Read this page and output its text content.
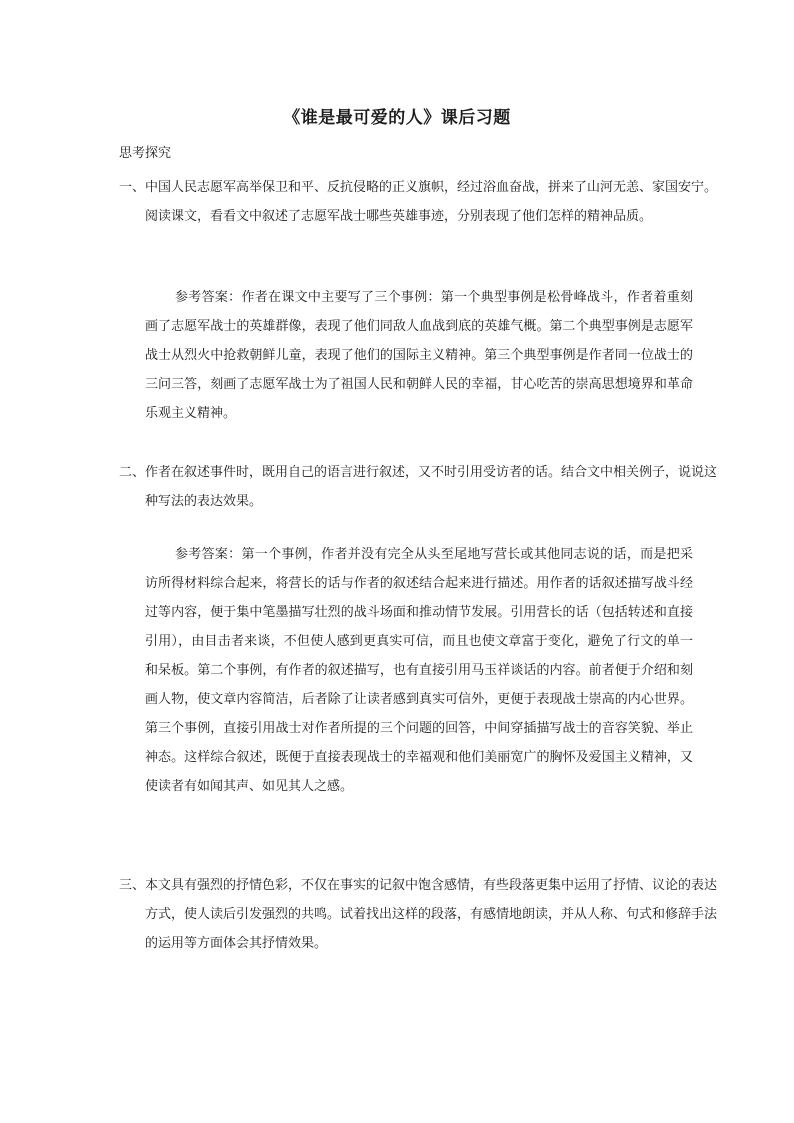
《谁是最可爱的人》课后习题
思考探究
一、中国人民志愿军高举保卫和平、反抗侵略的正义旗帜，经过浴血奋战，拼来了山河无恙、家国安宁。阅读课文，看看文中叙述了志愿军战士哪些英雄事迹，分别表现了他们怎样的精神品质。
参考答案：作者在课文中主要写了三个事例：第一个典型事例是松骨峰战斗，作者着重刻画了志愿军战士的英雄群像，表现了他们同敌人血战到底的英雄气概。第二个典型事例是志愿军战士从烈火中抢救朝鲜儿童，表现了他们的国际主义精神。第三个典型事例是作者同一位战士的三问三答，刻画了志愿军战士为了祖国人民和朝鲜人民的幸福，甘心吃苦的崇高思想境界和革命乐观主义精神。
二、作者在叙述事件时，既用自己的语言进行叙述，又不时引用受访者的话。结合文中相关例子，说说这种写法的表达效果。
参考答案：第一个事例，作者并没有完全从头至尾地写营长或其他同志说的话，而是把采访所得材料综合起来，将营长的话与作者的叙述结合起来进行描述。用作者的话叙述描写战斗经过等内容，便于集中笔墨描写壮烈的战斗场面和推动情节发展。引用营长的话（包括转述和直接引用），由目击者来谈，不但使人感到更真实可信，而且也使文章富于变化，避免了行文的单一和呆板。第二个事例，有作者的叙述描写，也有直接引用马玉祥谈话的内容。前者便于介绍和刻画人物，使文章内容简洁，后者除了让读者感到真实可信外，更便于表现战士崇高的内心世界。第三个事例，直接引用战士对作者所提的三个问题的回答，中间穿插描写战士的音容笑貌、举止神态。这样综合叙述，既便于直接表现战士的幸福观和他们美丽宽广的胸怀及爱国主义精神，又使读者有如闻其声、如见其人之感。
三、本文具有强烈的抒情色彩，不仅在事实的记叙中饱含感情，有些段落更集中运用了抒情、议论的表达方式，使人读后引发强烈的共鸣。试着找出这样的段落，有感情地朗读，并从人称、句式和修辞手法的运用等方面体会其抒情效果。
